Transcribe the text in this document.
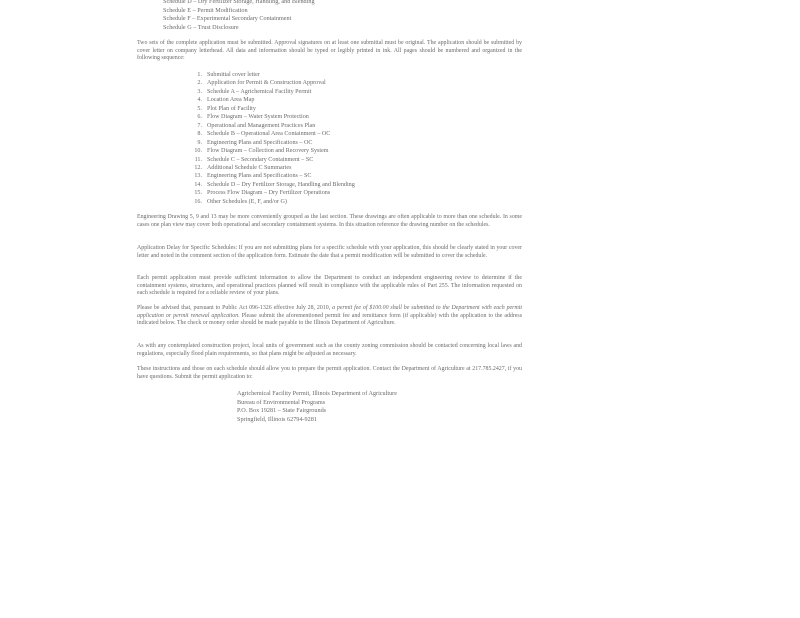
Schedule D – Dry Fertilizer Storage, Handling, and Blending
Schedule E – Permit Modification
Schedule F – Experimental Secondary Containment
Schedule G – Trust Disclosure
Two sets of the complete application must be submitted. Approval signatures on at least one submittal must be original. The application should be submitted by cover letter on company letterhead. All data and information should be typed or legibly printed in ink. All pages should be numbered and organized in the following sequence:
1. Submittal cover letter
2. Application for Permit & Construction Approval
3. Schedule A – Agrichemical Facility Permit
4. Location Area Map
5. Plot Plan of Facility
6. Flow Diagram – Water System Protection
7. Operational and Management Practices Plan
8. Schedule B – Operational Area Containment – OC
9. Engineering Plans and Specifications – OC
10. Flow Diagram – Collection and Recovery System
11. Schedule C – Secondary Containment – SC
12. Additional Schedule C Summaries
13. Engineering Plans and Specifications – SC
14. Schedule D – Dry Fertilizer Storage, Handling and Blending
15. Process Flow Diagram – Dry Fertilizer Operations
16. Other Schedules (E, F, and/or G)
Engineering Drawing 5, 9 and 13 may be more conveniently grouped as the last section. These drawings are often applicable to more than one schedule. In some cases one plan view may cover both operational and secondary containment systems. In this situation reference the drawing number on the schedules.
Application Delay for Specific Schedules: If you are not submitting plans for a specific schedule with your application, this should be clearly stated in your cover letter and noted in the comment section of the application form. Estimate the date that a permit modification will be submitted to cover the schedule.
Each permit application must provide sufficient information to allow the Department to conduct an independent engineering review to determine if the containment systems, structures, and operational practices planned will result in compliance with the applicable rules of Part 255. The information requested on each schedule is required for a reliable review of your plans.
Please be advised that, pursuant to Public Act 096-1326 effective July 28, 2010, a permit fee of $100.00 shall be submitted to the Department with each permit application or permit renewal application. Please submit the aforementioned permit fee and remittance form (if applicable) with the application to the address indicated below. The check or money order should be made payable to the Illinois Department of Agriculture.
As with any contemplated construction project, local units of government such as the county zoning commission should be contacted concerning local laws and regulations, especially flood plain requirements, so that plans might be adjusted as necessary.
These instructions and those on each schedule should allow you to prepare the permit application. Contact the Department of Agriculture at 217.785.2427, if you have questions. Submit the permit application to:
Agrichemical Facility Permit, Illinois Department of Agriculture
Bureau of Environmental Programs
P.O. Box 19281 – State Fairgrounds
Springfield, Illinois 62794-9281
